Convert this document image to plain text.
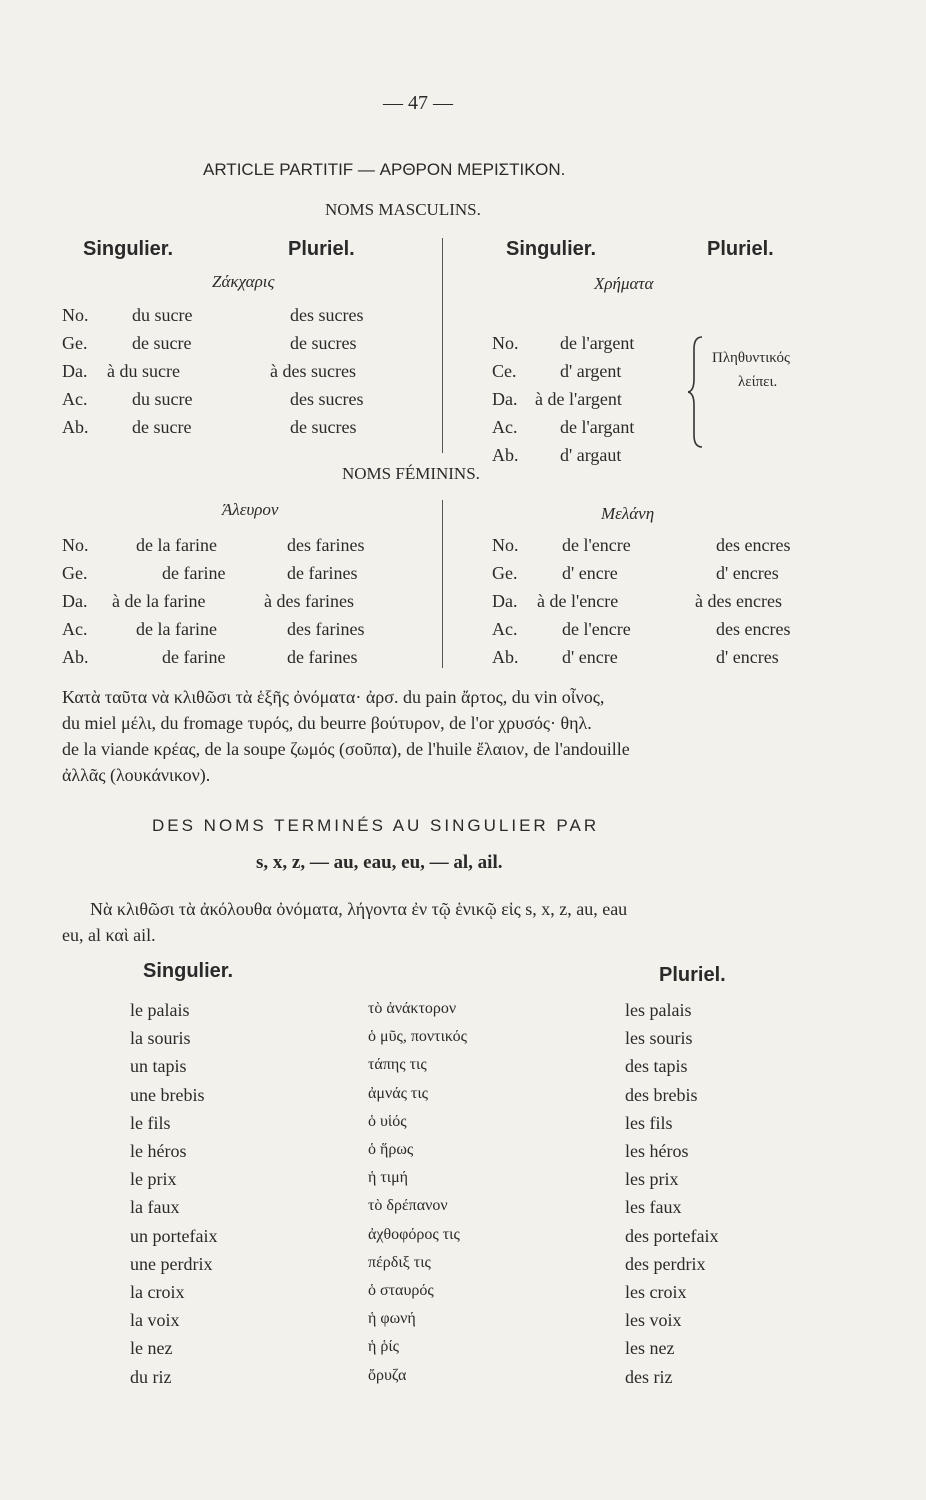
— 47 —
ARTICLE PARTITIF — ΑΡΘΡΟΝ ΜΕΡΙΣΤΙΚΟΝ.
NOMS MASCULINS.
Singulier.	Pluriel.	Singulier.	Pluriel.
Ζάκχαρις	Χρήματα
No. du sucre	des sucres
Ge. de sucre	de sucres
Da. à du sucre	à des sucres
Ac. du sucre	des sucres
Ab. de sucre	de sucres
No. de l'argent
Ce. d' argent
Da. à de l'argent
Ac. de l'argant
Ab. d' argaut
Πληθυντικός
λείπει.
NOMS FÉMININS.
Άλευρον	Μελάνη
No.	de la farine	des farines
Ge.	de farine	de farines
Da. à de la farine	à des farines
Ac.	de la farine	des farines
Ab.	de farine	de farines
No. de l'encre	des encres
Ge. d' encre	d' encres
Da. à de l'encre	à des encres
Ac. de l'encre	des encres
Ab. d' encre	d' encres
Κατὰ ταῦτα νὰ κλιθῶσι τὰ ἑξῆς ὀνόματα· ἀρσ. du pain ἄρτος, du vin οἶνος,
du miel μέλι, du fromage τυρός, du beurre βούτυρον, de l'or χρυσός· θηλ.
de la viande κρέας, de la soupe ζωμός (σοῦπα), de l'huile ἔλαιον, de l'andouille
ἀλλᾶς (λουκάνικον).
DES NOMS TERMINÉS AU SINGULIER PAR
s, x, z, — au, eau, eu, — al, ail.
Νὰ κλιθῶσι τὰ ἀκόλουθα ὀνόματα, λήγοντα ἐν τῷ ἑνικῷ εἰς s, x, z, au, eau
eu, al καὶ ail.
Singulier.	Pluriel.
le palais	τὸ ἀνάκτορον	les palais
la souris	ὁ μῦς, ποντικός	les souris
un tapis	τάπης τις	des tapis
une brebis	ἀμνάς τις	des brebis
le fils	ὁ υἱός	les fils
le héros	ὁ ἥρως	les héros
le prix	ἡ τιμή	les prix
la faux	τὸ δρέπανον	les faux
un portefaix	ἀχθοφόρος τις	des portefaix
une perdrix	πέρδιξ τις	des perdrix
la croix	ὁ σταυρός	les croix
la voix	ἡ φωνή	les voix
le nez	ἡ ῥίς	les nez
du riz	ὄρυζα	des riz
